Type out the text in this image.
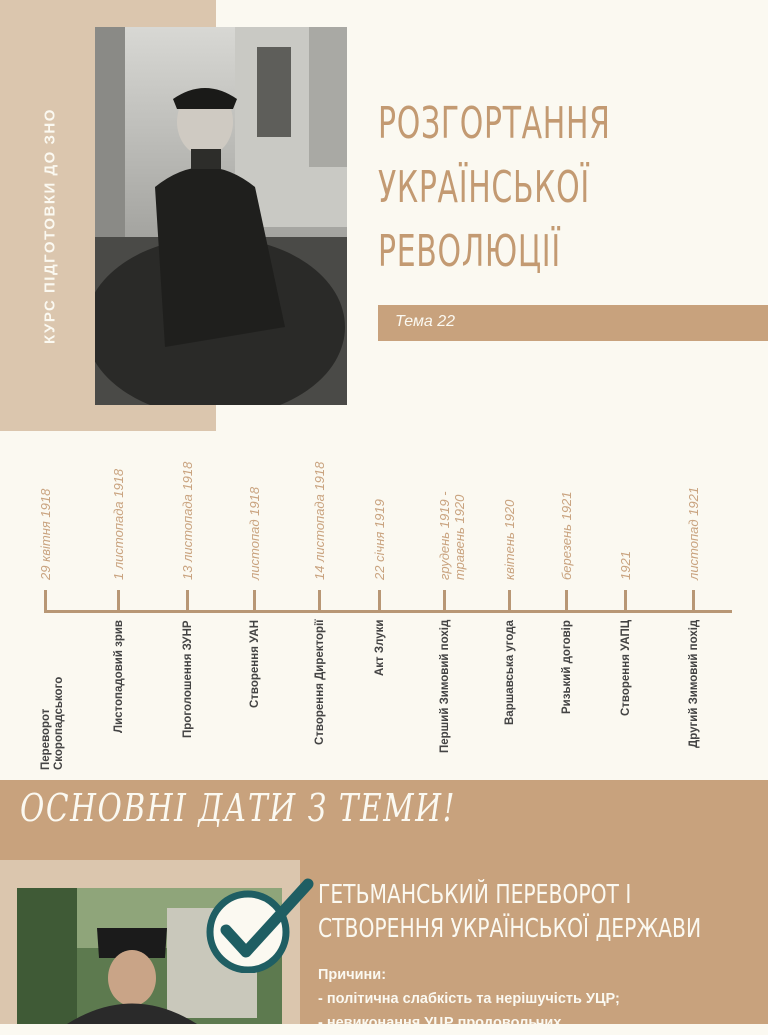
КУРС ПІДГОТОВКИ ДО ЗНО	РОЗГОРТАННЯ
УКРАЇНСЬКОЇ
РЕВОЛЮЦІЇ
Тема 22
29 квітня 1918
Переворот Скоропадського
1 листопада 1918
Листопадовий зрив
13 листопада 1918
Проголошення ЗУНР
листопад 1918
Створення УАН
14 листопада 1918
Створення Директорії
22 січня 1919
Акт Злуки
грудень 1919 - травень 1920
Перший Зимовий похід
квітень 1920
Варшавська угода
березень 1921
Ризький договір
1921
Створення УАПЦ
листопад 1921
Другий Зимовий похід
ОСНОВНІ ДАТИ З ТЕМИ!
ГЕТЬМАНСЬКИЙ ПЕРЕВОРОТ І
СТВОРЕННЯ УКРАЇНСЬКОЇ ДЕРЖАВИ
Причини:
- політична слабкість та нерішучість УЦР;
- невиконання УЦР продовольчих
